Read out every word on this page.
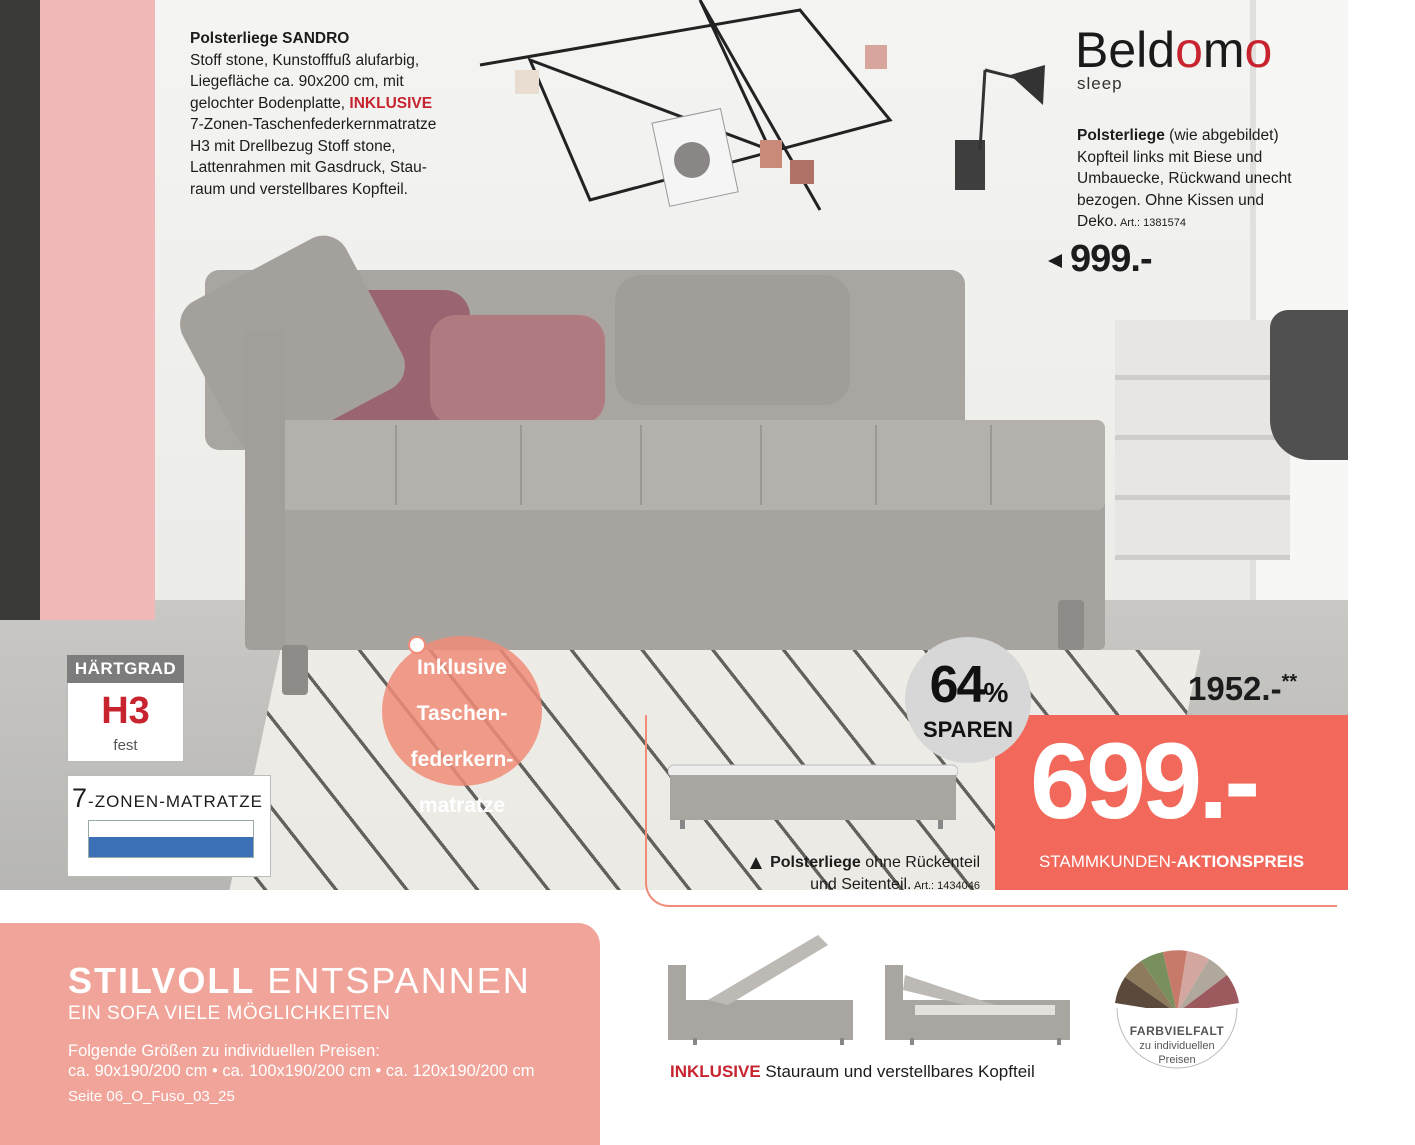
Polsterliege SANDRO
Stoff stone, Kunstofffuß alufarbig,
Liegefläche ca. 90x200 cm, mit
gelochter Bodenplatte, INKLUSIVE
7-Zonen-Taschenfederkernmatratze
H3 mit Drellbezug Stoff stone,
Lattenrahmen mit Gasdruck, Stau-
raum und verstellbares Kopfteil.
Beldomo
sleep
Polsterliege (wie abgebildet)
Kopfteil links mit Biese und
Umbauecke, Rückwand unecht
bezogen. Ohne Kissen und
Deko. Art.: 1381574
999.-
HÄRTGRAD
H3
fest
7-ZONEN-MATRATZE
Inklusive
Taschen-
federkern-
matratze
Polsterliege ohne Rückenteil
und Seitenteil. Art.: 1434046
699.-
STAMMKUNDEN-AKTIONSPREIS
1952.-**
64%
SPAREN
STILVOLL ENTSPANNEN
EIN SOFA VIELE MÖGLICHKEITEN
Folgende Größen zu individuellen Preisen:
ca. 90x190/200 cm • ca. 100x190/200 cm • ca. 120x190/200 cm
Seite 06_O_Fuso_03_25
INKLUSIVE Stauraum und verstellbares Kopfteil
FARBVIELFALT
zu individuellen
Preisen
